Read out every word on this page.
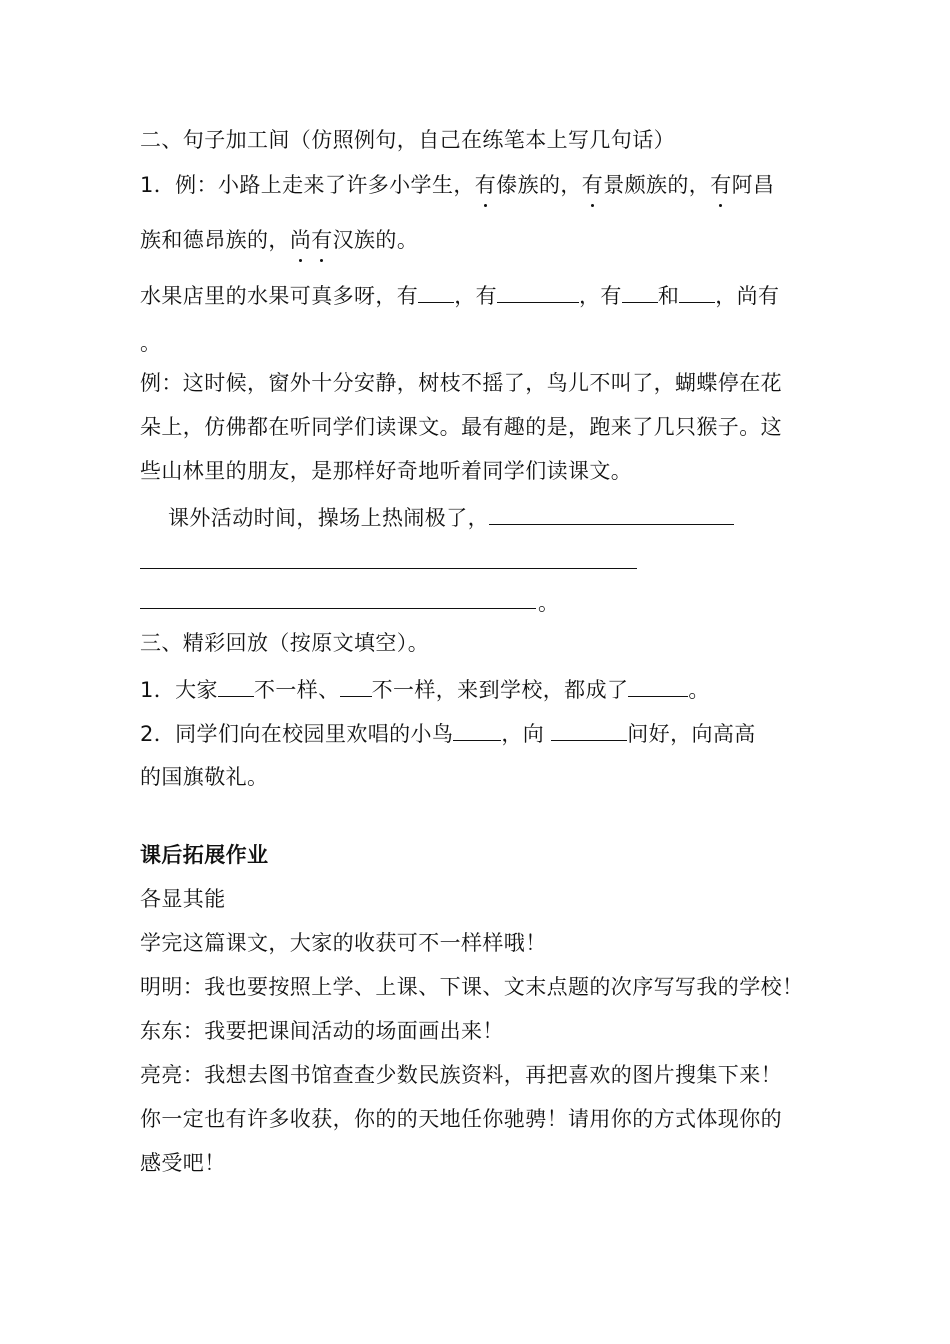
二、句子加工间（仿照例句，自己在练笔本上写几句话）
1．例：小路上走来了许多小学生，有傣族的，有景颇族的，有阿昌
族和德昂族的，尚有汉族的。
水果店里的水果可真多呀，有 ，有	，有 和 ，尚有
。
例：这时候，窗外十分安静，树枝不摇了，鸟儿不叫了，蝴蝶停在花
朵上，仿佛都在听同学们读课文。最有趣的是，跑来了几只猴子。这
些山林里的朋友，是那样好奇地听着同学们读课文。
课外活动时间，操场上热闹极了，
。
三、精彩回放（按原文填空）。
1．大家 不一样、 不一样，来到学校，都成了	。
2．同学们向在校园里欢唱的小鸟 ，向	问好，向高高
的国旗敬礼。
课后拓展作业
各显其能
学完这篇课文，大家的收获可不一样样哦！
明明：我也要按照上学、上课、下课、文末点题的次序写写我的学校！
东东：我要把课间活动的场面画出来！
亮亮：我想去图书馆查查少数民族资料，再把喜欢的图片搜集下来！
你一定也有许多收获，你的的天地任你驰骋！请用你的方式体现你的
感受吧！
